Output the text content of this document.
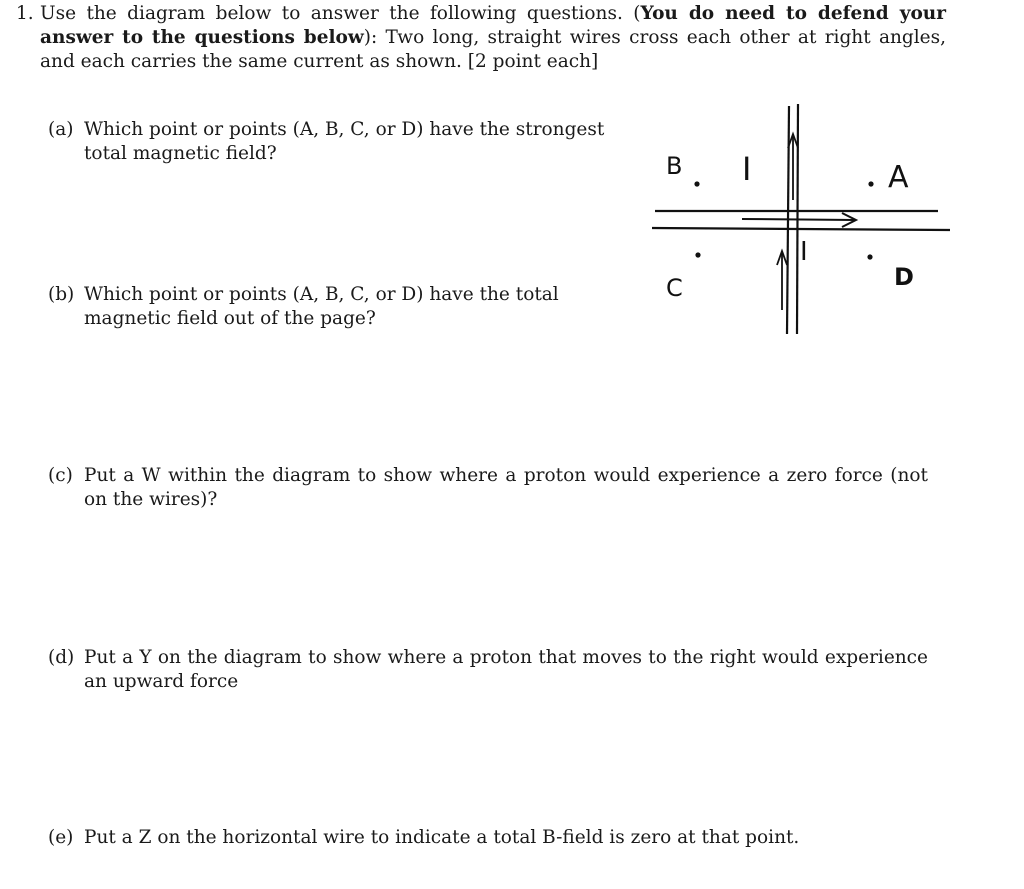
1. Use the diagram below to answer the following questions. (You do need to defend your answer to the questions below): Two long, straight wires cross each other at right angles, and each carries the same current as shown. [2 point each]
(a) Which point or points (A, B, C, or D) have the strongest total magnetic field?
(b) Which point or points (A, B, C, or D) have the total magnetic field out of the page?
(c) Put a W within the diagram to show where a proton would experience a zero force (not on the wires)?
(d) Put a Y on the diagram to show where a proton that moves to the right would experience an upward force
(e) Put a Z on the horizontal wire to indicate a total B-field is zero at that point.
B	A
C	D
I
I
